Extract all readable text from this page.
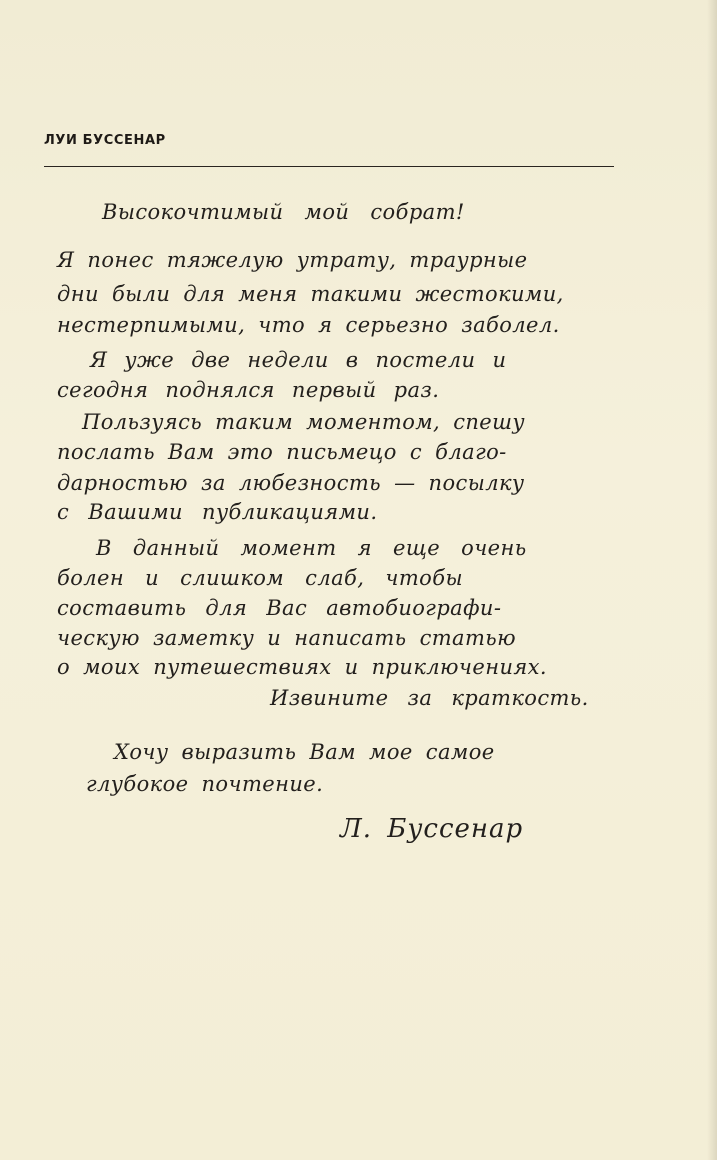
ЛУИ БУССЕНАР
Высокочтимый мой собрат!
Я понес тяжелую утрату, траурные
дни были для меня такими жестокими,
нестерпимыми, что я серьезно заболел.
Я уже две недели в постели и
сегодня поднялся первый раз.
Пользуясь таким моментом, спешу
послать Вам это письмецо с благо-
дарностью за любезность — посылку
с Вашими публикациями.
В данный момент я еще очень
болен и слишком слаб, чтобы
составить для Вас автобиографи-
ческую заметку и написать статью
о моих путешествиях и приключениях.
Извините за краткость.
Хочу выразить Вам мое самое
глубокое почтение.
Л. Буссенар
